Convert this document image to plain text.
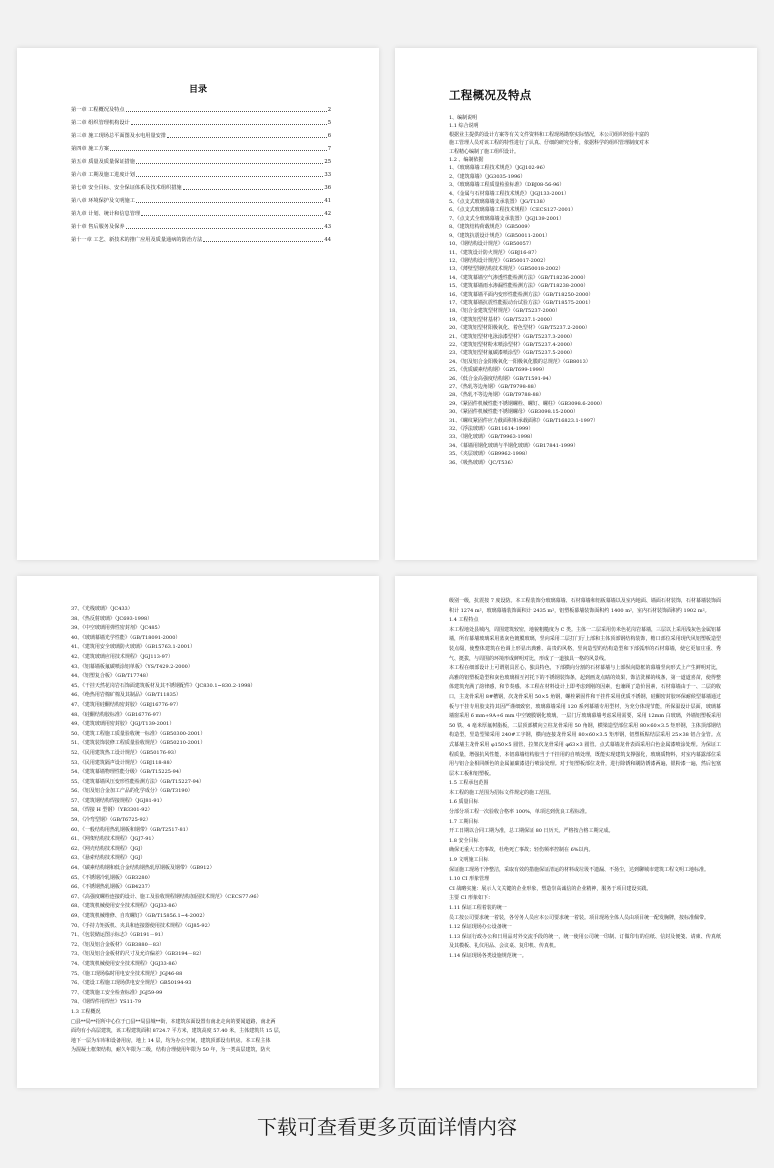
目录
第一章 工程概况及特点	2
第二章 组织管理机构设计	5
第三章 施工现场总平面图及水电用量安排	6
第四章 施工方案	7
第五章 质量及质量保证措施	25
第六章 工期及施工进度计划	33
第七章 安全目标、安全保证体系及技术组织措施	36
第八章 环境保护及文明施工	41
第九章 计划、统计和信息管理	42
第十章 售后服务及保养	43
第十一章 工艺、新技术的推广应用及质量通病的防治方法	44
工程概况及特点
1、编制说明
1.1 综合说明
根据业主提供的设计方案等有关文件资料和工程现场勘察实际情况，本公司组织经验丰富的
施工管理人员对该工程的特性进行了认真、仔细的研究分析，依据科学的组织管理制度对本
工程精心编制了施工组织设计。
1.2 、编制依据
1、《玻璃幕墙工程技术规范》（JGJ102-96）
2、《建筑幕墙》（JG3035-1996）
3、《玻璃幕墙工程质量检验标准》（DBJ08-56-96）
4、《金属与石材幕墙工程技术规范》（JGJ133-2001）
5、《点支式玻璃幕墙支承装置》（JG/T138）
6、《点支式玻璃幕墙工程技术规程》（CECS127-2001）
7、《点支式全玻璃幕墙支承装置》（JGJ139-2001）
8、《建筑结构荷载规范》（GB5009）
9、《建筑抗震设计规范》（GB50011-2001）
10、《钢结构设计规范》（GB50057）
11、《建筑设计防火规范》（GBJ16-87）
12、《钢结构设计规范》（GB50017-2002）
13、《薄壁型钢结构技术规范》（GB50018-2002）
14、《建筑幕墙空气渗透性能检测方法》（GB/T18236-2000）
15、《建筑幕墙雨水渗漏性能检测方法》（GB/T18238-2000）
16、《建筑幕墙平面内变形性能检测方法》（GB/T18250-2000）
17、《建筑幕墙抗震性能振动台试验方法》（GB/T18575-2001）
18、《铝合金建筑型材规范》（GB/T5237-2000）
19、《建筑铝型材基材》（GB/T5237.1-2000）
20、《建筑铝型材阳极氧化、着色型材》（GB/T5237.2-2000）
21、《建筑铝型材电泳涂漆型材》（GB/T5237.3-2000）
22、《建筑铝型材粉末喷涂型材》（GB/T5237.4-2000）
23、《建筑铝型材氟碳漆喷涂型》（GB/T5237.5-2000）
24、《铝及铝合金阳极氧化一阳极氧化膜的总规范》（GB8013）
25、《优质碳素结构钢》（GB/T699-1999）
26、《低合金高强度结构钢》（GB/T1591-94）
27、《热轧等边角钢》（GB/T9798-88）
28、《热轧不等边角钢》（GB/T9788-88）
29、《紧固件机械性能不锈钢螺栓、螺钉、螺柱》（GB3098.6-2000）
30、《紧固件机械性能不锈钢螺母》（GB3098.15-2000）
31、《螺纹紧固件应力截面积和承载面积》（GB/T16823.1-1997）
32、《浮法玻璃》（GB11614-1999）
33、《钢化玻璃》（GB/T9963-1998）
34、《幕墙用钢化玻璃与半钢化玻璃》（GB17841-1999）
35、《夹层玻璃》（GB9962-1998）
36、《吸热玻璃》（JC/T536）
37、《光栈玻璃》（JC433）
38、《热反射玻璃》（JC693-1998）
39、《中空玻璃用弹性密封剂》（JC485）
40、《玻璃幕墙光学性能》（GB/T18091-2000）
41、《建筑用安全玻璃防火玻璃》（GB15763.1-2001）
42、《建筑玻璃应用技术规程》（JGJ113-97）
43、《铝幕墙板氟碳喷涂铝单板》（YS/T429.2-2000）
44、《铝塑复合板》（GB/T17748）
45、《干挂天然花岗岩石饰面建筑板材及其不锈钢配件》（JC830.1~830.2-1998）
46、《绝热用岩棉矿棉及其制品》（GB/T11835）
47、《建筑用硅酮结构密封胶》（GBJ16776-97）
48、《硅酮结构胶标准》（GB16776-97）
49、《建筑玻璃用密封胶》（JGJ/T139-2001）
50、《建筑工程施工质量验收统一标准》（GB50300-2001）
51、《建筑装饰装修工程质量验收规范》（GB50210-2001）
52、《民用建筑热工设计规范》（GB50176-93）
53、《民用建筑隔声设计规范》（GBJ118-88）
54、《建筑幕墙物理性能分级》（GB/T15225-94）
55、《建筑幕墙风压变形性能检测方法》（GB/T15227-94）
56、《铝及铝合金加工产品的化学成分》（GB/T3190）
57、《建筑钢结构焊接规程》（JGJ81-91）
58、《焊接 H 型钢》（YB3301-92）
59、《冷弯型钢》（GB/T6725-92）
60、《一般结构用热轧钢板和钢带》（GB/T2517-81）
61、《网架结构技术规程》（JGJ7-91）
62、《网壳结构技术规程》（JGJ）
63、《悬索结构技术规程》（JGJ）
64、《碳素结构钢和低合金结构钢热轧厚钢板及钢带》（GB912）
65、《不锈钢冷轧钢板》（GB3280）
66、《不锈钢热轧钢板》（GB4237）
67、《高强度螺栓连接的设计、施工及验收规程钢结构加固技术规范》（CECS77:96）
68、《建筑机械使用安全技术规程》（JGJ33-86）
69、《建筑机械维修、自攻螺钉》（GB/T15856.1~4-2002）
70、《手持力矩扳机、夹具和连接器使用技术规程》（GJ85-92）
71、《包装储运图示标志》（GB191－91）
72、《铝及铝合金板材》（GB3880－83）
73、《铝及铝合金板材的尺寸及允许偏差》（GB3194－82）
74、《建筑机械使用安全技术规程》（JGJ33-86）
75、《施工现场临时用电安全技术规范》JGJ46-88
76、《建设工程施工现场供电安全规范》GB50194-93
77、《建筑施工安全检查标准》JGJ59-99
78、《钢焊件用焊丝》YS11-79
1.3 工程概况
□县**局**招所中心位于□县**局县城**街，本建筑东面设置有南北走向的要闻道路，南北两
面均有小高层建筑，该工程建筑面积 8724.7 平方米，建筑高度 57.40 米，主体建筑共 15 层，
地下一层为车库和设备用房，地上 14 层，均为办公空间，建筑顶部设有机房。本工程主体
为混凝土框架结构，耐久年限为二级，结构合理使用年限为 50 年，为一类高层建筑，防火
级别一级，抗震按 7 度设防。本工程装饰分玻璃幕墙、石材幕墙和铝板幕墙以及室内地面、墙面石材装饰，石材幕墙装饰面积计 1274 m²，玻璃幕墙装饰面积计 2435 m²，铝塑板幕墙装饰面积约 1400 m²，室内石材装饰面积约 1902 m²。
1.4 工程特点
本工程地处县城内，周围建筑较密，地貌粗糙度为 C 类。主体一二层采用仿米色花岗岩幕墙，三层以上采用浅灰色金属铝幕墙，所有幕墙玻璃采用蓝灰色镀膜玻璃，竖向采用二层打门厅上部和主体顶部钢结构装饰，檐口部位采用现代风铝塑板造型装点缀，使整体建筑在色调上形显出典雅、高贵的风格，竖向造型的结构造型和下部弧形的石材幕墙，使它更加庄重、秀气、挺拔，与周围的环境形成鲜明对比，形成了一道独具一格的风景线。
本工程在细部设计上可谓别具匠心，独具特色，下部横向分割的石材幕墙与上部纵向隐框的幕墙竖向形式上产生鲜明对比，高雅的铝塑板造型和灰色玻璃相互衬托下的不锈钢装饰条，起到画龙点睛的效果，饰洁洗梯的线条，第一道道喜苗，使得整体建筑充满了韵律感，和节奏感。本工程在材料设计上即考虑到刚的因素，也兼顾了造价因素，石材幕墙由于一、二层的收口，主龙骨采用 8#槽钢，次龙骨采用 50×5 角钢，螺栓紧固件和干挂件采用优质不锈钢，硅酮密封胶环保耐候型幕墙通过板与干挂专用胶支持其因严谨细致密，玻璃幕墙采用 120 系列幕墙专用型材，为充分体现节能，所保温设计层面，玻璃幕墙窗采用 6 mm+9A+6 mm 中空镀膜钢化玻璃，一层门厅玻璃幕墙考虑采用需要，采用 12mm 白玻璃，外墙铝塑板采用 50 铁、4 毫米厚氟树脂板，二层顶部横向立柱龙骨采用 50 角钢，横梁造型部位采用 80×60×3.5 矩形钢，主体顶部钢结构造型，竖造型梁采用 240#工字钢，横向连接龙骨采用 80×60×3.5 矩形钢，铝塑板粘结层采用 25×38 铝合金管。点式幕墙主龙骨采用 φ150×5 圆管，拉架次龙骨采用 φ63×3 圆管。点式幕墙龙骨表面采用白色金属漆喷涂处理。为保证工程质量，增强抗风性能，本铝幕墙结构胶当于干挂用的自喷处理，既能实现建筑支撑强化，玻璃质物料，对室内幕露部位采用与铝合金相同颜色的金属氟碳漆进行喷涂处理。对于铝塑板部位龙骨，进行除锈和刷防锈漆两遍，银粉漆一遍，然后包塞层木工板和铝塑板。
1.5 工程承包范围
本工程的施工范围为招标文件规定的施工范围。
1.6 质量目标
分部分项工程一次验收合格率 100%，单项达到优良工程标准。
1.7 工期目标
开工日期以合同工期为准，总工期保证 80 日历天。严格按合格工期完成。
1.8 安全目标
确保无重大工伤事故，杜绝死亡事故；轻伤频率控制在 6%以内。
1.9 文明施工目标
保证施工现场干净整洁，采取有效的措施保证清运的材料或垃圾不遗漏、不扬尘，达到聊城市建筑工程文明工地标准。
1.10 CI 形象管理
CI 战略实施：展示人文关键的企业形象，塑造崇高诚信的企业精神，服务于项目建设实践。
主要 CI 形象如下：
1.11 保证工程着装的统一
员工按公司要求统一着装，各劳务人员应本公司要求统一着装。项目现场全体人员由项目统一配发胸牌，按标准佩带。
1.12 保证现场办公设备统一
1.13 保证行政办公和日用品对外交流手段的统一，统一使用公司统一印制、订做印有的信纸、信封及便笺、请柬、传真纸及其模板、礼仪用品、会议桌、复印机、传真机。
1.14 保证现场各类设施规范统一。
下载可查看更多页面详情内容
